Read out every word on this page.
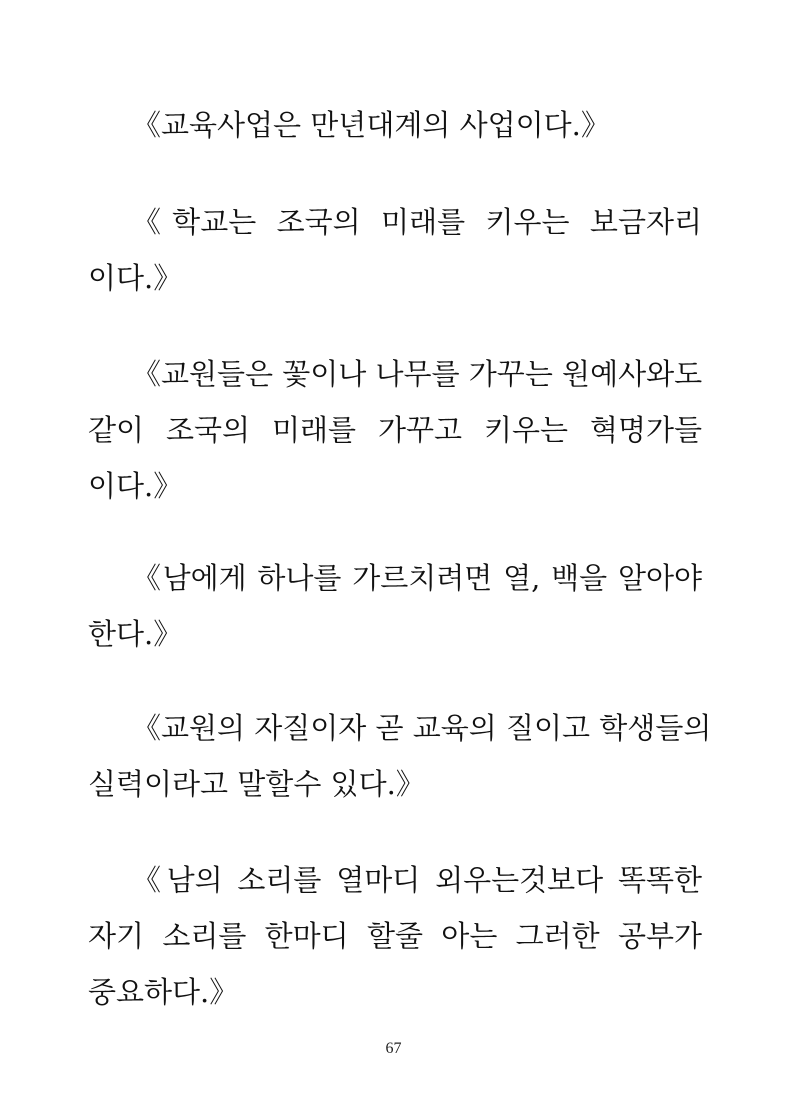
《교육사업은 만년대계의 사업이다.》
《학교는 조국의 미래를 키우는 보금자리
이다.》
《교원들은 꽃이나 나무를 가꾸는 원예사와도
같이 조국의 미래를 가꾸고 키우는 혁명가들
이다.》
《남에게 하나를 가르치려면 열, 백을 알아야
한다.》
《교원의 자질이자 곧 교육의 질이고 학생들의
실력이라고 말할수 있다.》
《남의 소리를 열마디 외우는것보다 똑똑한
자기 소리를 한마디 할줄 아는 그러한 공부가
중요하다.》
67
